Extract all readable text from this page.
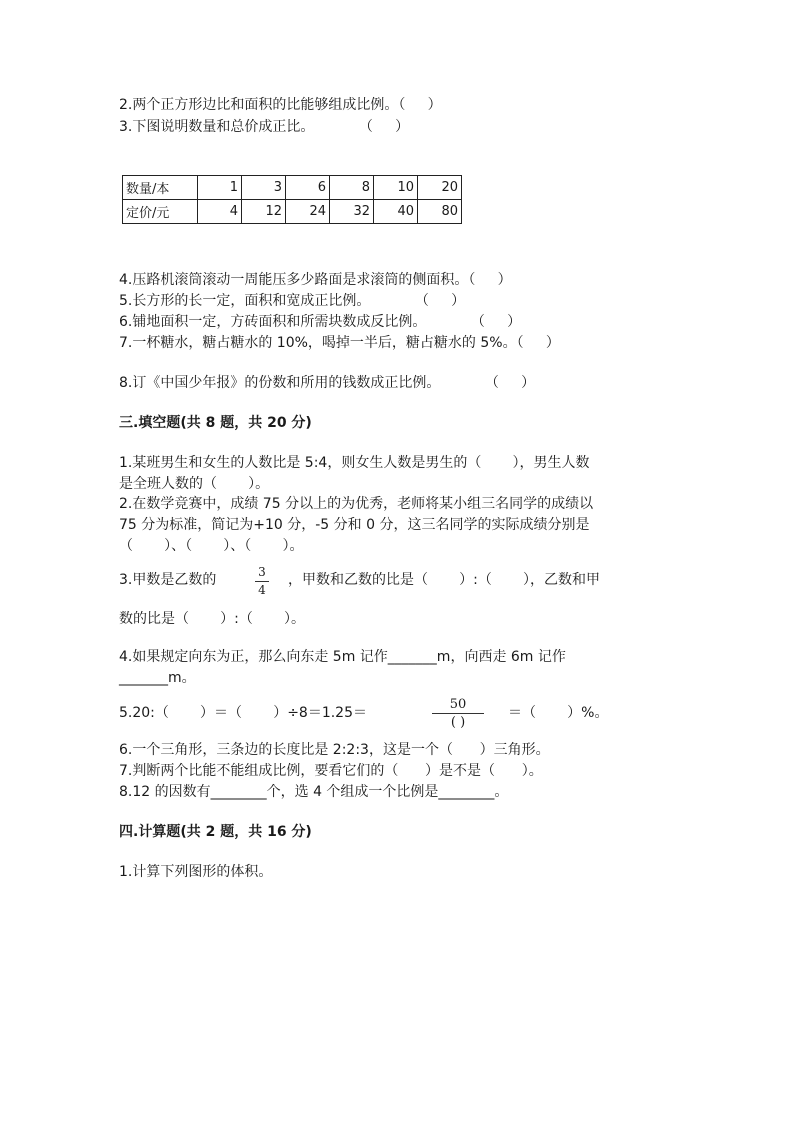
2.两个正方形边比和面积的比能够组成比例。（     ）
3.下图说明数量和总价成正比。          （     ）
数量/本	1	3	6	8	10	20
定价/元	4	12	24	32	40	80
4.压路机滚筒滚动一周能压多少路面是求滚筒的侧面积。（     ）
5.长方形的长一定，面积和宽成正比例。          （     ）
6.铺地面积一定，方砖面积和所需块数成反比例。          （     ）
7.一杯糖水，糖占糖水的 10%，喝掉一半后，糖占糖水的 5%。（     ）
8.订《中国少年报》的份数和所用的钱数成正比例。          （     ）
三.填空题(共 8 题，共 20 分)
1.某班男生和女生的人数比是 5:4，则女生人数是男生的（       ），男生人数
是全班人数的（       ）。
2.在数学竞赛中，成绩 75 分以上的为优秀，老师将某小组三名同学的成绩以
75 分为标准，简记为+10 分，-5 分和 0 分，这三名同学的实际成绩分别是
（       ）、（       ）、（       ）。
3.甲数是乙数的	3
4
，甲数和乙数的比是（       ）:（       ），乙数和甲
数的比是（       ）:（       ）。
4.如果规定向东为正，那么向东走 5m 记作_______m，向西走 6m 记作
_______m。
5.20:（       ）＝（       ）÷8＝1.25＝
50
( )
＝（       ）%。
6.一个三角形，三条边的长度比是 2:2:3，这是一个（      ）三角形。
7.判断两个比能不能组成比例，要看它们的（      ）是不是（      ）。
8.12 的因数有________个，选 4 个组成一个比例是________。
四.计算题(共 2 题，共 16 分)
1.计算下列图形的体积。
